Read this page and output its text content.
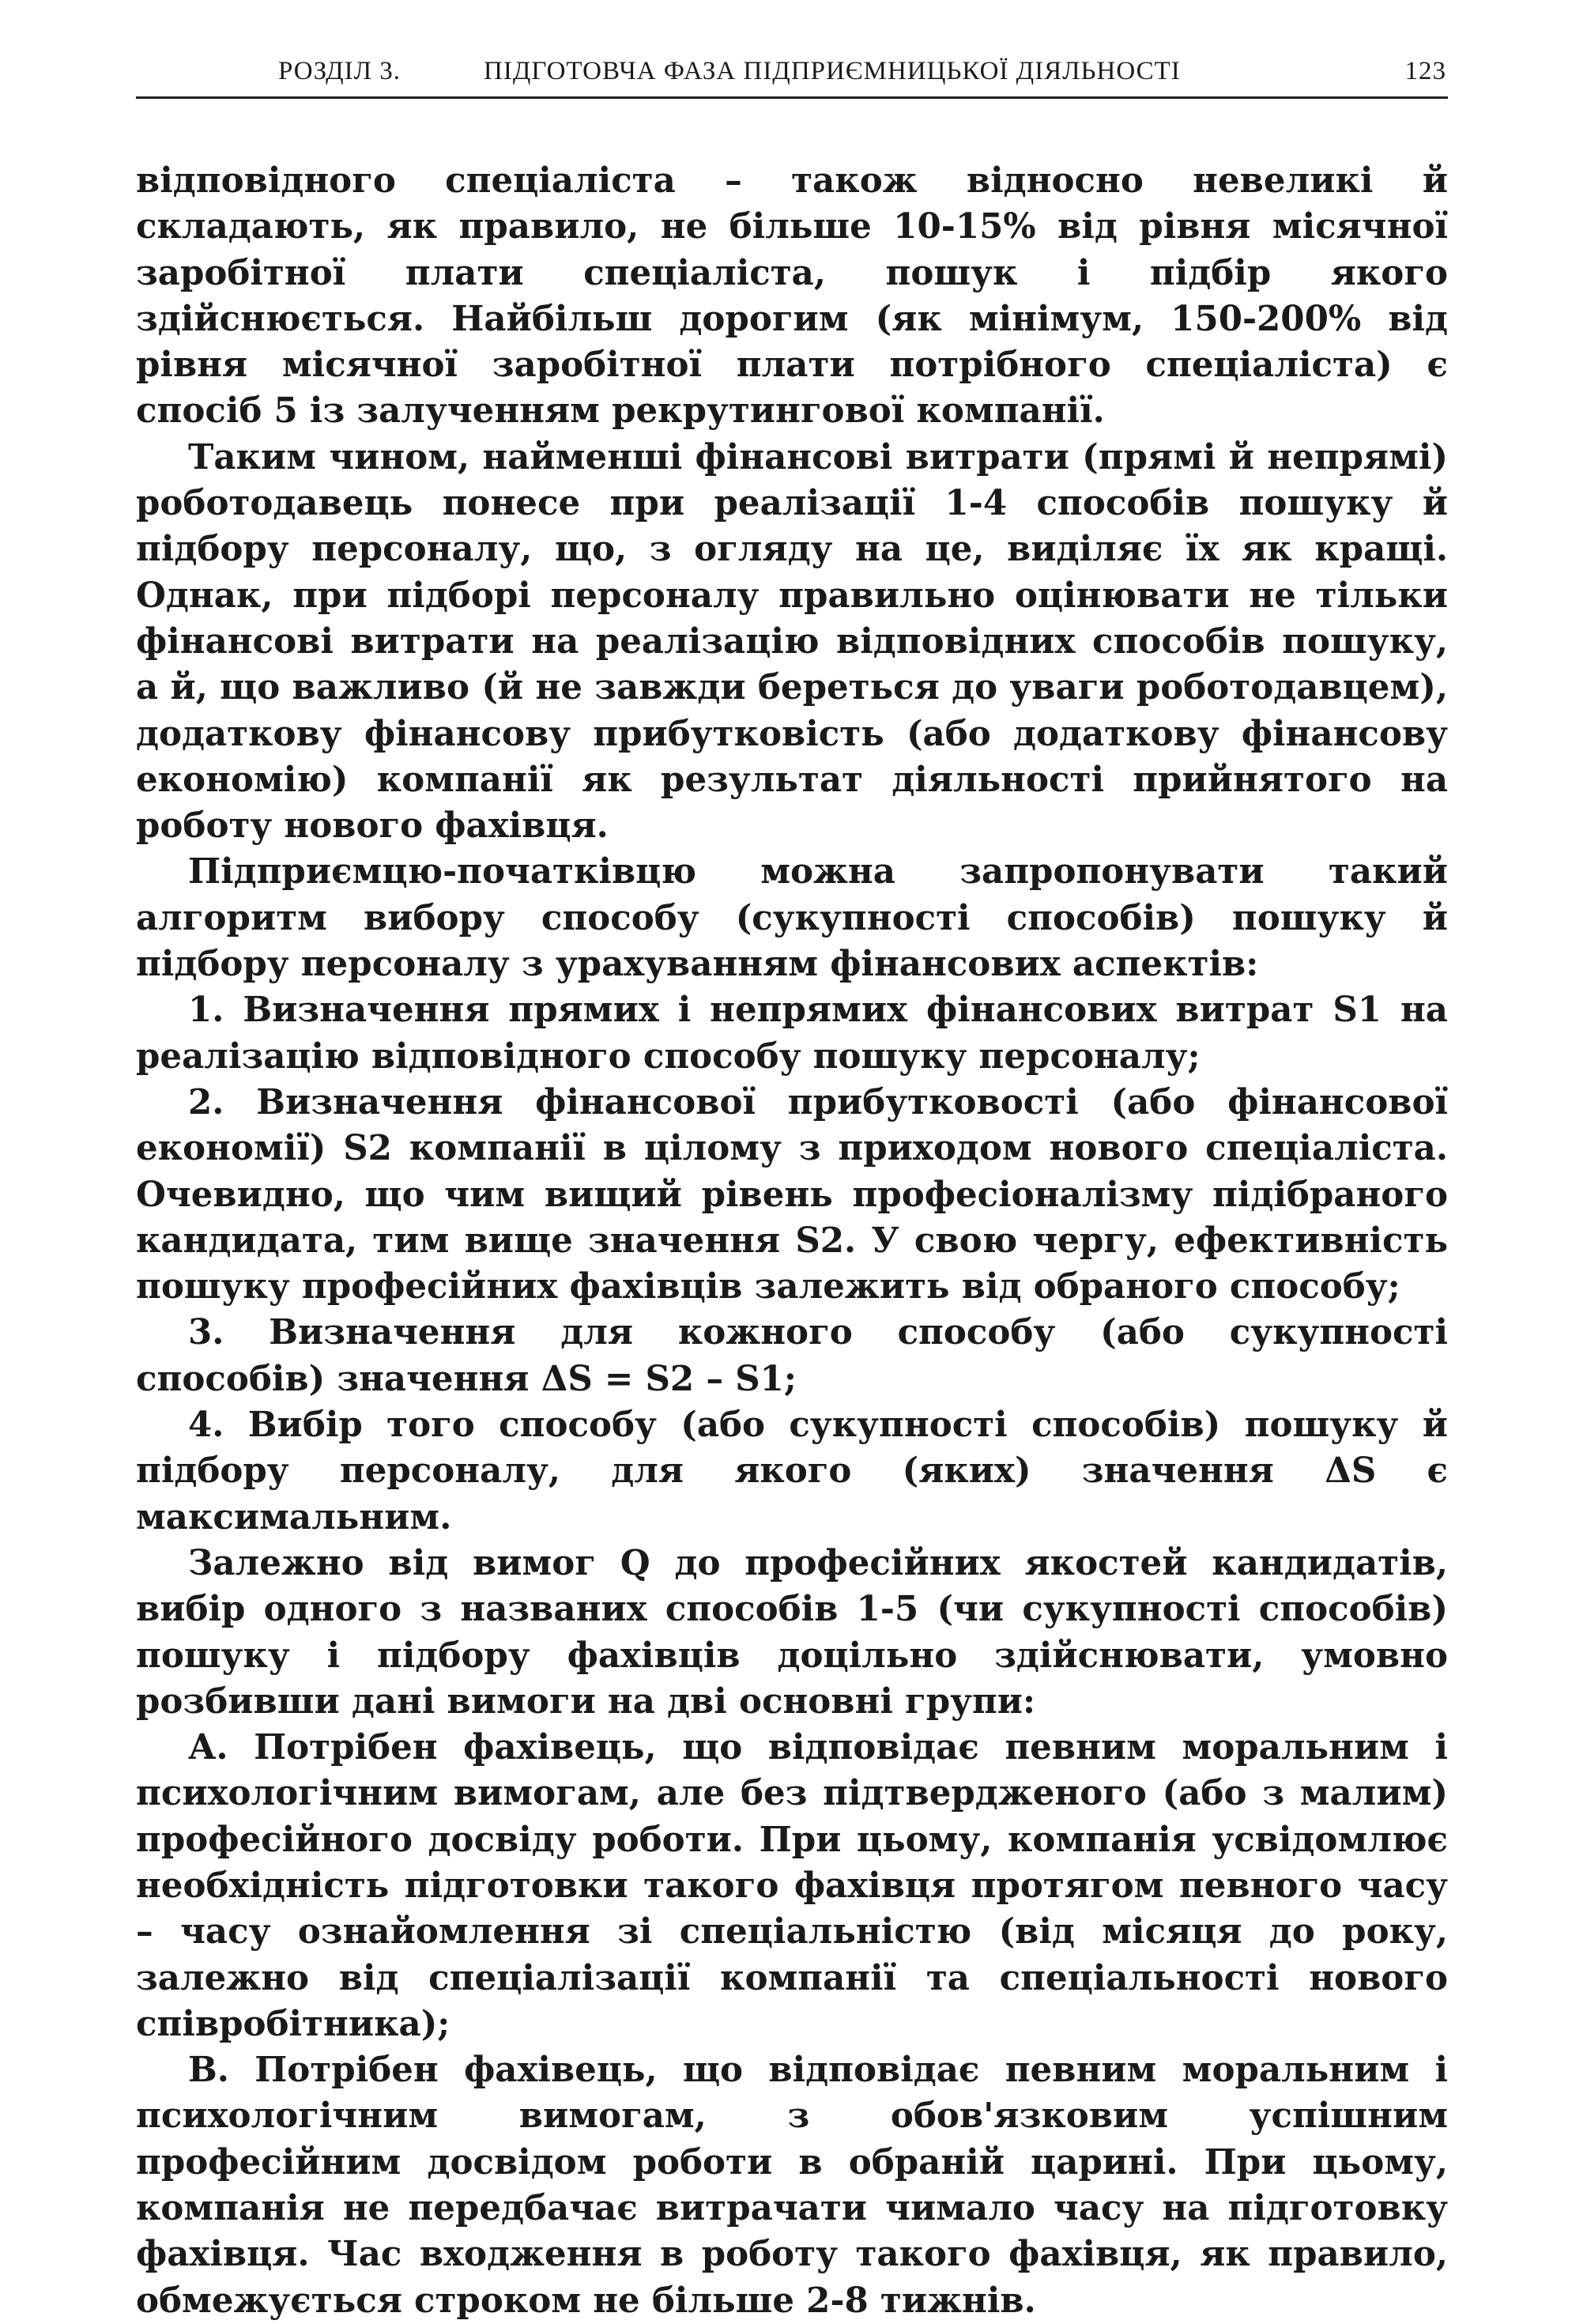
РОЗДІЛ 3.	ПІДГОТОВЧА ФАЗА ПІДПРИЄМНИЦЬКОЇ ДІЯЛЬНОСТІ	123

відповідного спеціаліста – також відносно невеликі й складають, як правило, не більше 10-15% від рівня місячної заробітної плати спеціаліста, пошук і підбір якого здійснюється. Найбільш дорогим (як мінімум, 150-200% від рівня місячної заробітної плати потрібного спеціаліста) є спосіб 5 із залученням рекрутингової компанії.

Таким чином, найменші фінансові витрати (прямі й непрямі) роботодавець понесе при реалізації 1-4 способів пошуку й підбору персоналу, що, з огляду на це, виділяє їх як кращі. Однак, при підборі персоналу правильно оцінювати не тільки фінансові витрати на реалізацію відповідних способів пошуку, а й, що важливо (й не завжди береться до уваги роботодавцем), додаткову фінансову прибутковість (або додаткову фінансову економію) компанії як результат діяльності прийнятого на роботу нового фахівця.

Підприємцю-початківцю можна запропонувати такий алгоритм вибору способу (сукупності способів) пошуку й підбору персоналу з урахуванням фінансових аспектів:

1. Визначення прямих і непрямих фінансових витрат S1 на реалізацію відповідного способу пошуку персоналу;

2. Визначення фінансової прибутковості (або фінансової економії) S2 компанії в цілому з приходом нового спеціаліста. Очевидно, що чим вищий рівень професіоналізму підібраного кандидата, тим вище значення S2. У свою чергу, ефективність пошуку професійних фахівців залежить від обраного способу;

3. Визначення для кожного способу (або сукупності способів) значення ΔS = S2 – S1;

4. Вибір того способу (або сукупності способів) пошуку й підбору персоналу, для якого (яких) значення ΔS є максимальним.

Залежно від вимог Q до професійних якостей кандидатів, вибір одного з названих способів 1-5 (чи сукупності способів) пошуку і підбору фахівців доцільно здійснювати, умовно розбивши дані вимоги на дві основні групи:

А. Потрібен фахівець, що відповідає певним моральним і психологічним вимогам, але без підтвердженого (або з малим) професійного досвіду роботи. При цьому, компанія усвідомлює необхідність підготовки такого фахівця протягом певного часу – часу ознайомлення зі спеціальністю (від місяця до року, залежно від спеціалізації компанії та спеціальності нового співробітника);

В. Потрібен фахівець, що відповідає певним моральним і психологічним вимогам, з обов'язковим успішним професійним досвідом роботи в обраній царині. При цьому, компанія не передбачає витрачати чимало часу на підготовку фахівця. Час входження в роботу такого фахівця, як правило, обмежується строком не більше 2-8 тижнів.
